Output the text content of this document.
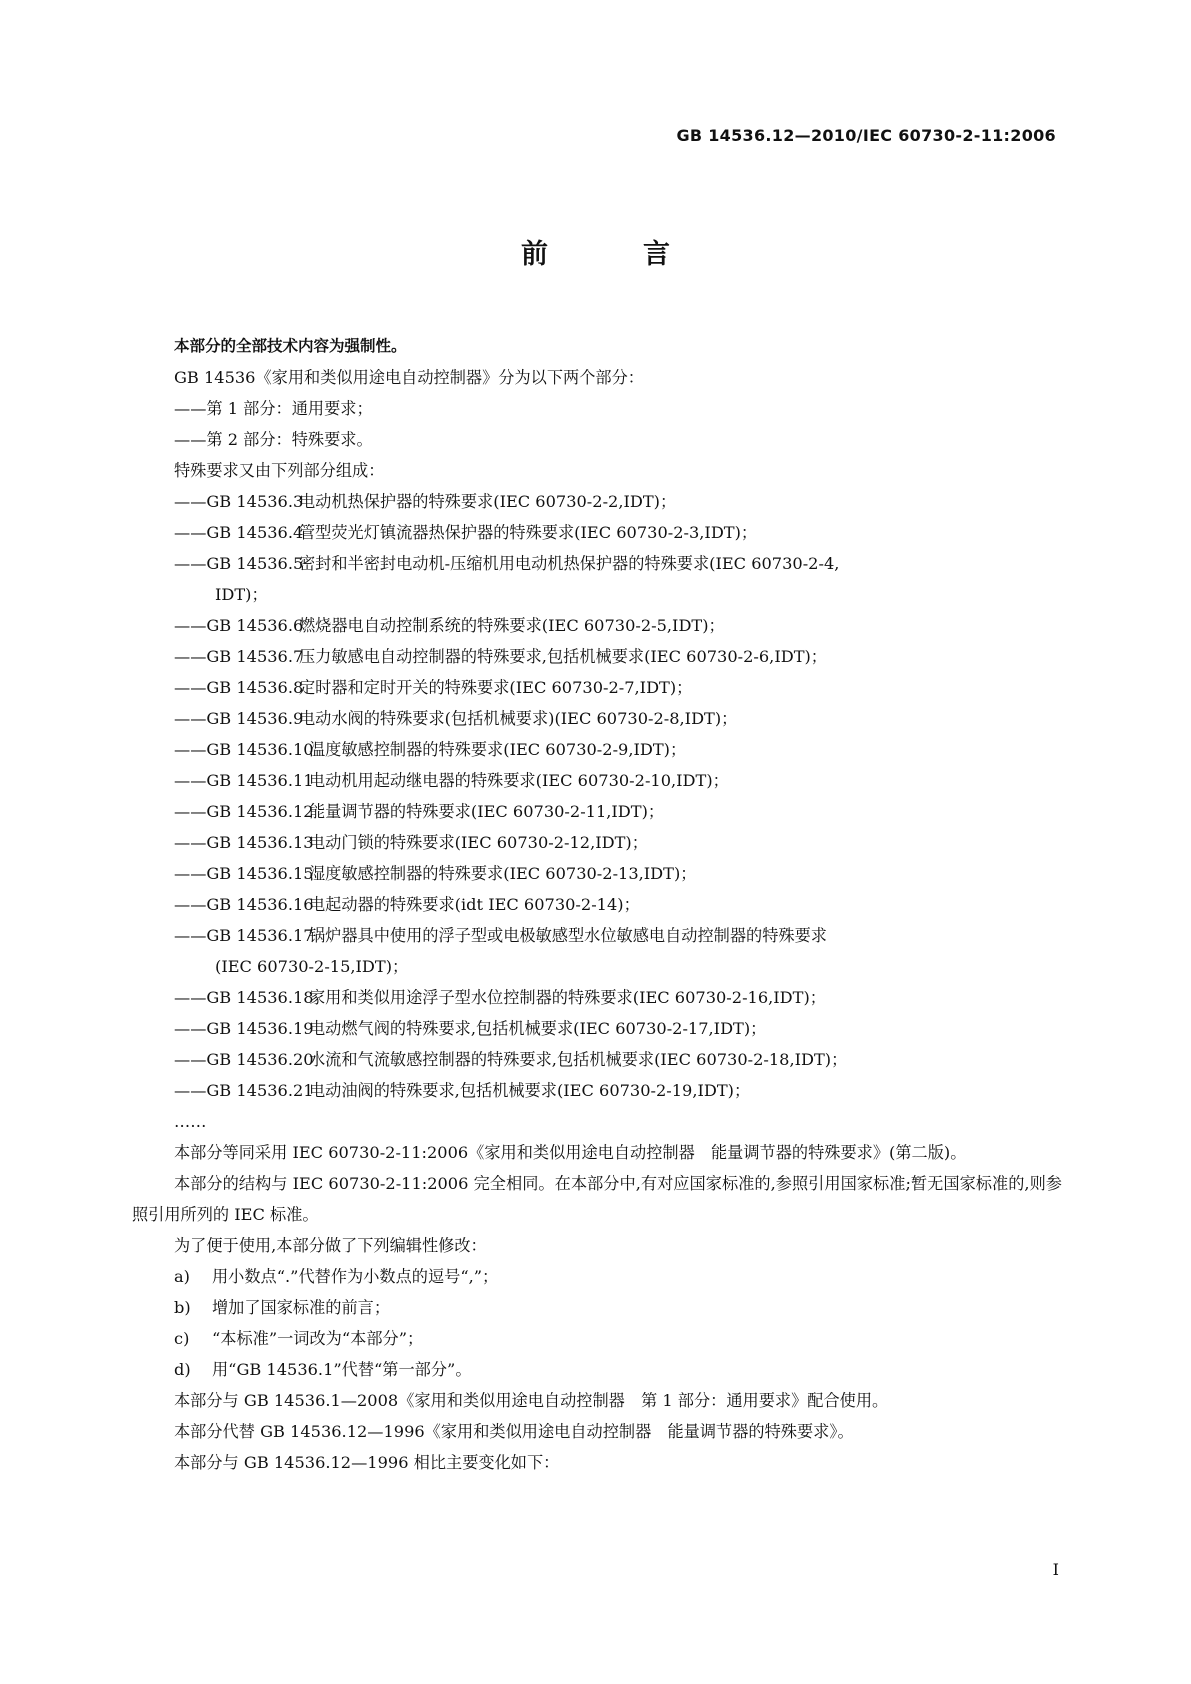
GB 14536.12—2010/IEC 60730-2-11:2006
前　言
本部分的全部技术内容为强制性。
GB 14536《家用和类似用途电自动控制器》分为以下两个部分：
——第 1 部分：通用要求；
——第 2 部分：特殊要求。
特殊要求又由下列部分组成：
——GB 14536.3电动机热保护器的特殊要求(IEC 60730-2-2,IDT)；
——GB 14536.4管型荧光灯镇流器热保护器的特殊要求(IEC 60730-2-3,IDT)；
——GB 14536.5密封和半密封电动机-压缩机用电动机热保护器的特殊要求(IEC 60730-2-4,
IDT)；
——GB 14536.6燃烧器电自动控制系统的特殊要求(IEC 60730-2-5,IDT)；
——GB 14536.7压力敏感电自动控制器的特殊要求,包括机械要求(IEC 60730-2-6,IDT)；
——GB 14536.8定时器和定时开关的特殊要求(IEC 60730-2-7,IDT)；
——GB 14536.9电动水阀的特殊要求(包括机械要求)(IEC 60730-2-8,IDT)；
——GB 14536.10温度敏感控制器的特殊要求(IEC 60730-2-9,IDT)；
——GB 14536.11电动机用起动继电器的特殊要求(IEC 60730-2-10,IDT)；
——GB 14536.12能量调节器的特殊要求(IEC 60730-2-11,IDT)；
——GB 14536.13电动门锁的特殊要求(IEC 60730-2-12,IDT)；
——GB 14536.15湿度敏感控制器的特殊要求(IEC 60730-2-13,IDT)；
——GB 14536.16电起动器的特殊要求(idt IEC 60730-2-14)；
——GB 14536.17锅炉器具中使用的浮子型或电极敏感型水位敏感电自动控制器的特殊要求
(IEC 60730-2-15,IDT)；
——GB 14536.18家用和类似用途浮子型水位控制器的特殊要求(IEC 60730-2-16,IDT)；
——GB 14536.19电动燃气阀的特殊要求,包括机械要求(IEC 60730-2-17,IDT)；
——GB 14536.20水流和气流敏感控制器的特殊要求,包括机械要求(IEC 60730-2-18,IDT)；
——GB 14536.21电动油阀的特殊要求,包括机械要求(IEC 60730-2-19,IDT)；
……
本部分等同采用 IEC 60730-2-11:2006《家用和类似用途电自动控制器　能量调节器的特殊要求》(第二版)。
本部分的结构与 IEC 60730-2-11:2006 完全相同。在本部分中,有对应国家标准的,参照引用国家标准;暂无国家标准的,则参照引用所列的 IEC 标准。
为了便于使用,本部分做了下列编辑性修改：
a) 用小数点“.”代替作为小数点的逗号“,”；
b) 增加了国家标准的前言；
c) “本标准”一词改为“本部分”；
d) 用“GB 14536.1”代替“第一部分”。
本部分与 GB 14536.1—2008《家用和类似用途电自动控制器　第 1 部分：通用要求》配合使用。
本部分代替 GB 14536.12—1996《家用和类似用途电自动控制器　能量调节器的特殊要求》。
本部分与 GB 14536.12—1996 相比主要变化如下：
I
